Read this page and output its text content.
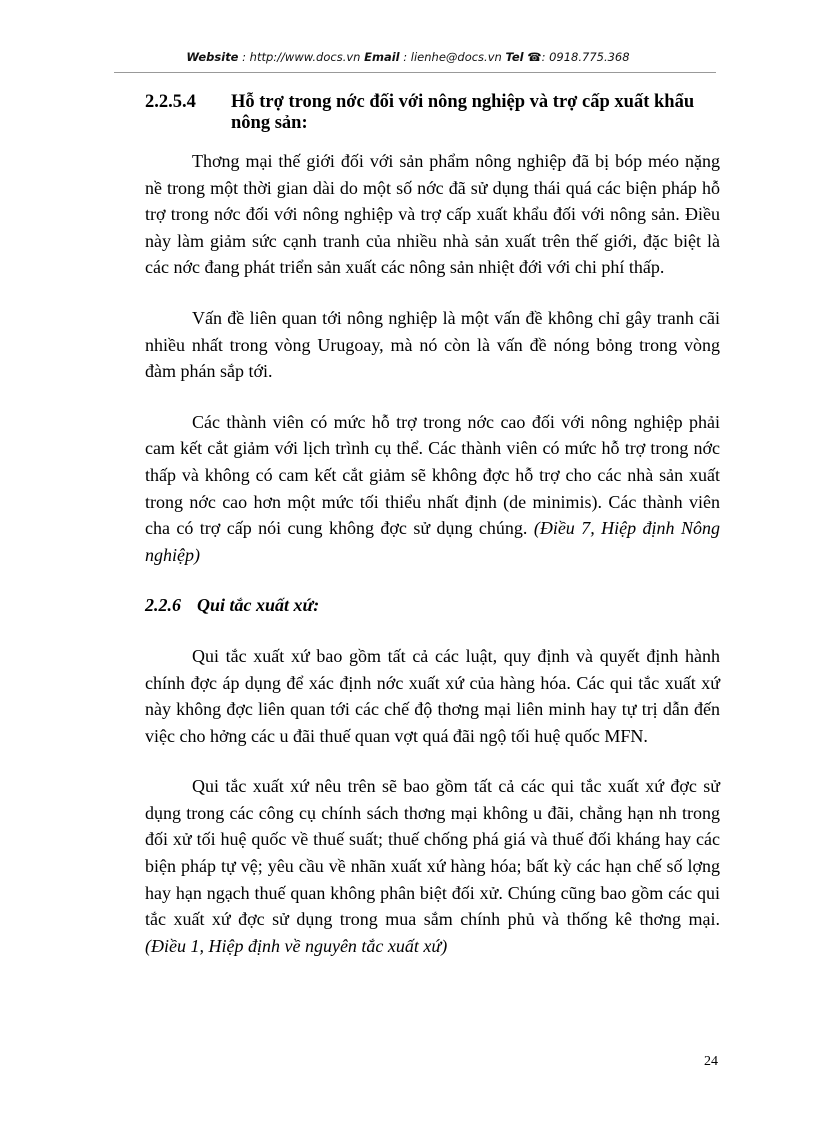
Website : http://www.docs.vn Email : lienhe@docs.vn Tel ☎: 0918.775.368
2.2.5.4	Hỗ trợ trong nớc đối với nông nghiệp và trợ cấp xuất khẩu nông sản:

Thơng mại thế giới đối với sản phẩm nông nghiệp đã bị bóp méo nặng nề trong một thời gian dài do một số nớc đã sử dụng thái quá các biện pháp hỗ trợ trong nớc đối với nông nghiệp và trợ cấp xuất khẩu đối với nông sản. Điều này làm giảm sức cạnh tranh của nhiều nhà sản xuất trên thế giới, đặc biệt là các nớc đang phát triển sản xuất các nông sản nhiệt đới với chi phí thấp.

Vấn đề liên quan tới nông nghiệp là một vấn đề không chỉ gây tranh cãi nhiều nhất trong vòng Urugoay, mà nó còn là vấn đề nóng bỏng trong vòng đàm phán sắp tới.

Các thành viên có mức hỗ trợ trong nớc cao đối với nông nghiệp phải cam kết cắt giảm với lịch trình cụ thể. Các thành viên có mức hỗ trợ trong nớc thấp và không có cam kết cắt giảm sẽ không đợc hỗ trợ cho các nhà sản xuất trong nớc cao hơn một mức tối thiểu nhất định (de minimis). Các thành viên cha có trợ cấp nói cung không đợc sử dụng chúng. (Điều 7, Hiệp định Nông nghiệp)

2.2.6 Qui tắc xuất xứ:

Qui tắc xuất xứ bao gồm tất cả các luật, quy định và quyết định hành chính đợc áp dụng để xác định nớc xuất xứ của hàng hóa. Các qui tắc xuất xứ này không đợc liên quan tới các chế độ thơng mại liên minh hay tự trị dẫn đến việc cho hởng các u đãi thuế quan vợt quá đãi ngộ tối huệ quốc MFN.

Qui tắc xuất xứ nêu trên sẽ bao gồm tất cả các qui tắc xuất xứ đợc sử dụng trong các công cụ chính sách thơng mại không u đãi, chẳng hạn nh trong đối xử tối huệ quốc về thuế suất; thuế chống phá giá và thuế đối kháng hay các biện pháp tự vệ; yêu cầu về nhãn xuất xứ hàng hóa; bất kỳ các hạn chế số lợng hay hạn ngạch thuế quan không phân biệt đối xử. Chúng cũng bao gồm các qui tắc xuất xứ đợc sử dụng trong mua sắm chính phủ và thống kê thơng mại. (Điều 1, Hiệp định về nguyên tắc xuất xứ)

24
